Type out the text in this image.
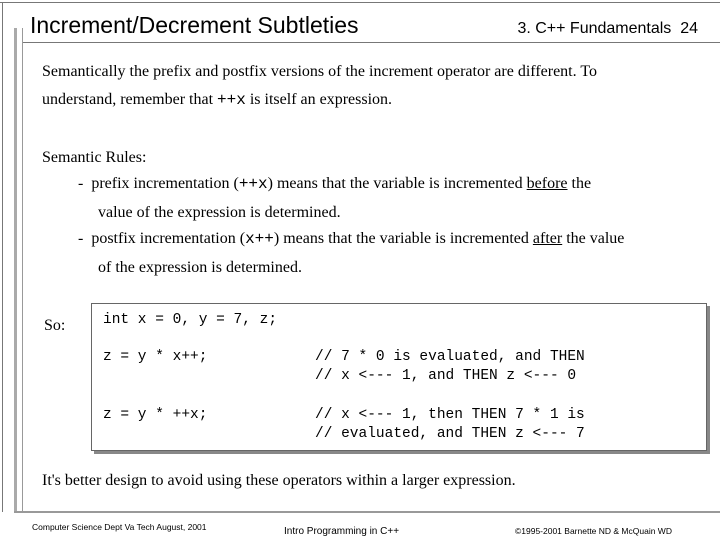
Increment/Decrement Subtleties	3. C++ Fundamentals 24
Semantically the prefix and postfix versions of the increment operator are different. To
understand, remember that ++x is itself an expression.
Semantic Rules:
- prefix incrementation (++x) means that the variable is incremented before the
value of the expression is determined.
- postfix incrementation (x++) means that the variable is incremented after the value
of the expression is determined.
So:	int x = 0, y = 7, z;
z = y * x++;	// 7 * 0 is evaluated, and THEN
// x <--- 1, and THEN z <--- 0
z = y * ++x;	// x <--- 1, then THEN 7 * 1 is
// evaluated, and THEN z <--- 7
It's better design to avoid using these operators within a larger expression.
Computer Science Dept Va Tech August, 2001	Intro Programming in C++	©1995-2001 Barnette ND & McQuain WD
